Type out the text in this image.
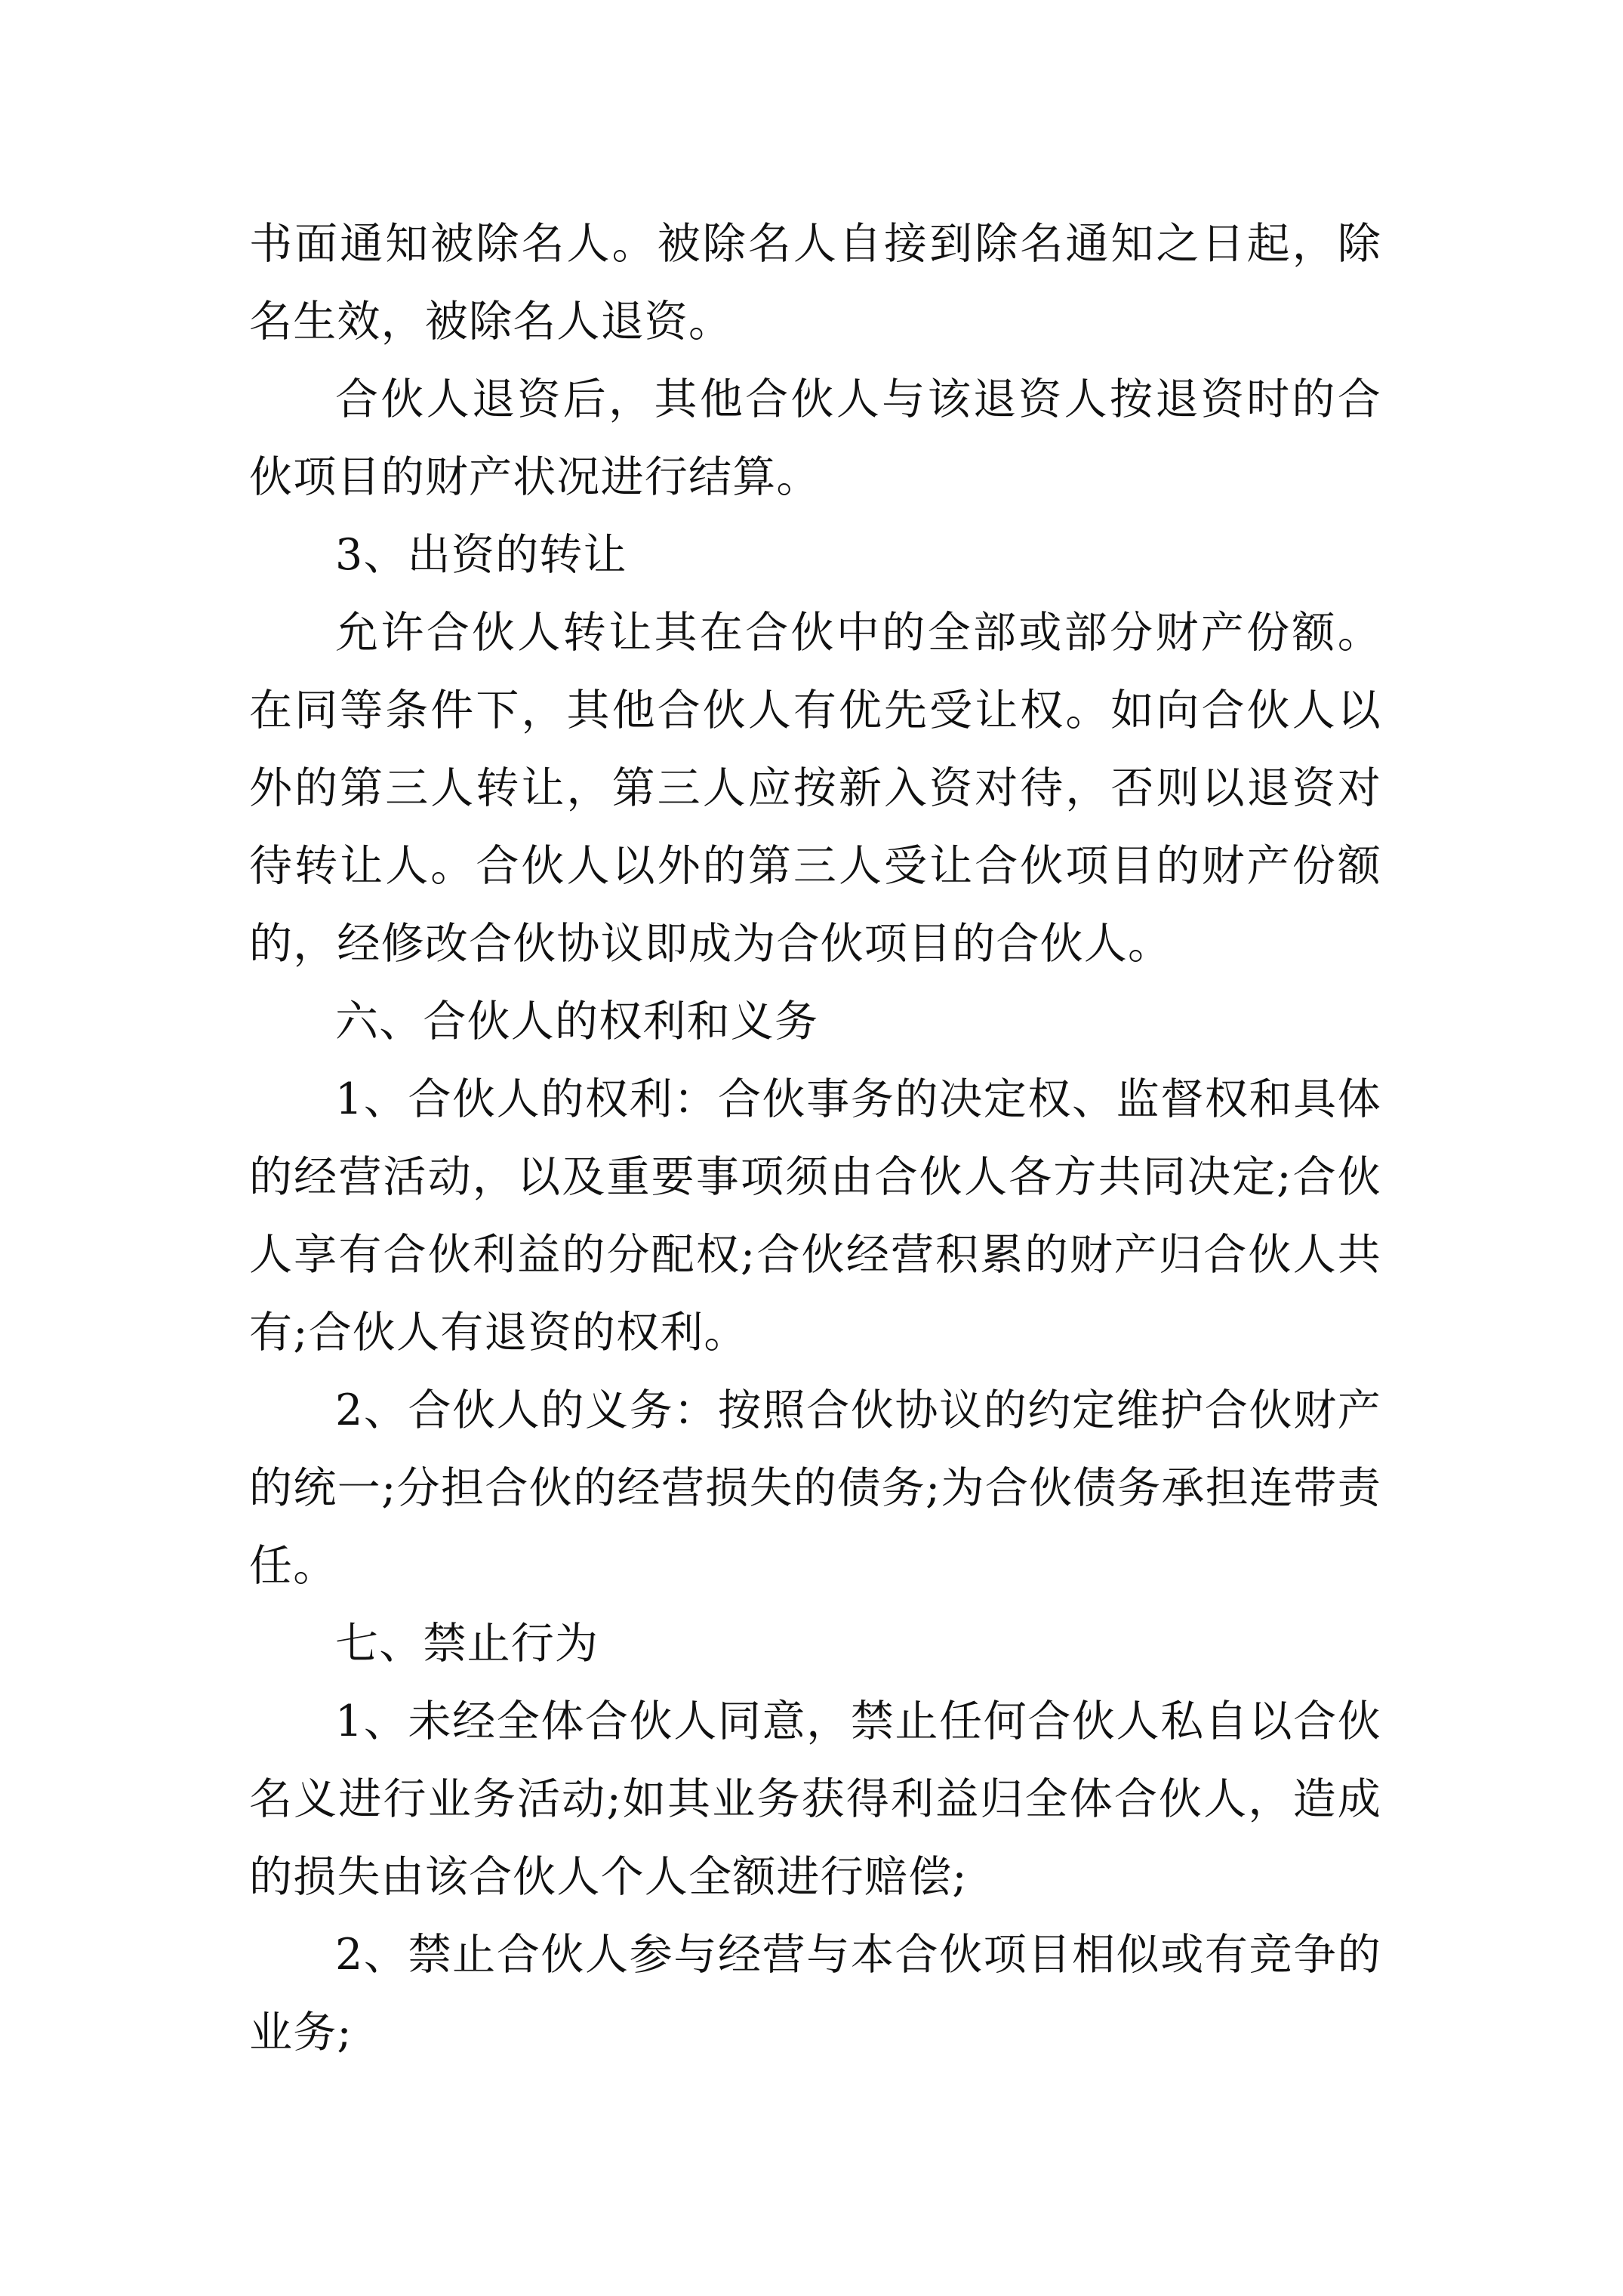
书面通知被除名人。被除名人自接到除名通知之日起，除名生效，被除名人退资。

合伙人退资后，其他合伙人与该退资人按退资时的合伙项目的财产状况进行结算。

3、出资的转让

允许合伙人转让其在合伙中的全部或部分财产份额。在同等条件下，其他合伙人有优先受让权。如向合伙人以外的第三人转让，第三人应按新入资对待，否则以退资对待转让人。合伙人以外的第三人受让合伙项目的财产份额的，经修改合伙协议即成为合伙项目的合伙人。

六、合伙人的权利和义务

1、合伙人的权利：合伙事务的决定权、监督权和具体的经营活动，以及重要事项须由合伙人各方共同决定;合伙人享有合伙利益的分配权;合伙经营积累的财产归合伙人共有;合伙人有退资的权利。

2、合伙人的义务：按照合伙协议的约定维护合伙财产的统一;分担合伙的经营损失的债务;为合伙债务承担连带责任。

七、禁止行为

1、未经全体合伙人同意，禁止任何合伙人私自以合伙名义进行业务活动;如其业务获得利益归全体合伙人，造成的损失由该合伙人个人全额进行赔偿;

2、禁止合伙人参与经营与本合伙项目相似或有竞争的业务;
